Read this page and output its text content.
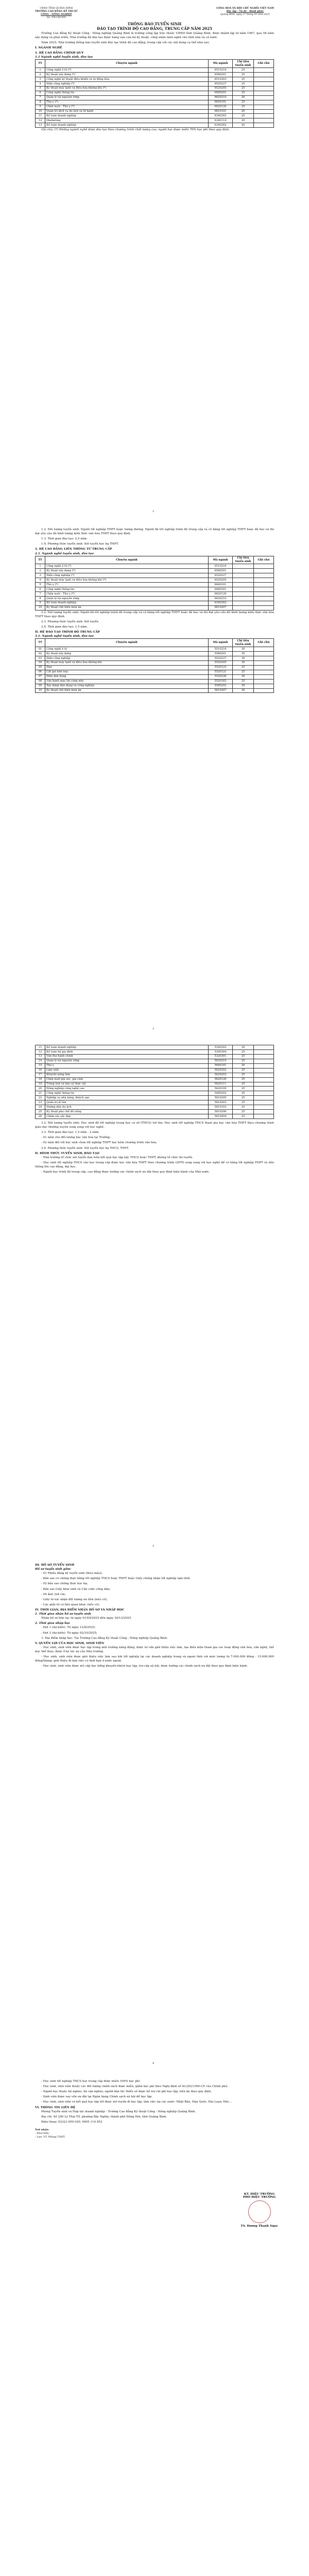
UBND TỈNH QUẢNG BÌNH
TRƯỜNG CAO ĐẲNG KỸ THUẬT
CÔNG - NÔNG NGHIỆP
Số: /TB-CĐCNN
CỘNG HOÀ XÃ HỘI CHỦ NGHĨA VIỆT NAM
Độc lập - Tự do - Hạnh phúc
Quảng Bình, ngày 27 tháng 03 năm 2025
THÔNG BÁO TUYỂN SINH
ĐÀO TẠO TRÌNH ĐỘ CAO ĐẲNG, TRUNG CẤP NĂM 2025

Trường Cao đẳng Kỹ thuật Công - Nông nghiệp Quảng Bình là trường công lập trực thuộc UBND tỉnh Quảng Bình, được thành lập từ năm 1967, qua 58 năm xây dựng và phát triển, Nhà trường đã đào tạo được hàng vạn cán bộ kỹ thuật, công nhân lành nghề cho tỉnh nhà và cả nước.

Năm 2025, Nhà trường thông báo tuyển sinh đào tạo trình độ cao đẳng, trung cấp với các nội dung cụ thể như sau:

I. NGÀNH NGHỀ
1. HỆ CAO ĐẲNG CHÍNH QUY
1.1 Ngành nghề tuyển sinh, đào tạo
TT	Chuyên ngành	Mã ngành	Chỉ tiêu tuyển sinh	Ghi chú
1	Công nghệ ô tô (*)	6510216	25	
2	Kỹ thuật xây dựng (*)	6580201	25	
3	Công nghệ kỹ thuật điều khiển và tự động hóa	6510303	25	
4	Điện công nghiệp (*)	6520227	25	
5	Kỹ thuật máy lạnh và điều hòa không khí (*)	6520205	25	
6	Công nghệ thông tin	6480201	25	
7	Quản lý tài nguyên rừng	6620210	20	
8	Thú y (*)	6640101	25	
9	Chăn nuôi - Thú y (*)	6620120	25	
10	Quản trị dịch vụ du lịch và lữ hành	6810101	20	
11	Kế toán doanh nghiệp	6340302	25	
12	Marketing	6340114	20	
13	Kế toán doanh nghiệp	6340302	20	

Ghi chú: (*) Những ngành nghề được đào tạo theo chương trình chất lượng cao, người học được miễn 70% học phí theo quy định.

1

1.2. Đối tượng tuyển sinh: Người tốt nghiệp THPT hoặc tương đương; Người đã tốt nghiệp trình độ trung cấp và có bằng tốt nghiệp THPT hoặc đã học và thi đạt yêu cầu đủ khối lượng kiến thức văn hóa THPT theo quy định.

1.3. Thời gian đào tạo: 2,5 năm.

1.4. Phương thức tuyển sinh: Xét tuyển học bạ THPT.

2. HỆ CAO ĐẲNG LIÊN THÔNG TỪ TRUNG CẤP
2.1. Ngành nghề tuyển sinh, đào tạo
TT	Chuyên ngành	Mã ngành	Chỉ tiêu tuyển sinh	Ghi chú
1	Công nghệ ô tô (*)	6510216		
2	Kỹ thuật xây dựng (*)	6580201		
3	Điện công nghiệp (*)	6520227		
4	Kỹ thuật máy lạnh và điều hòa không khí (*)	6520205		
5	Thú y (*)	6640101		
6	Công nghệ thông tin	6480201		
7	Chăn nuôi - Thú y (*)	6620120		
8	Quản lý tài nguyên rừng	6620210		
9	Kế toán doanh nghiệp	6340302		
10	Kỹ thuật chế biến món ăn	6810207		

2.2. Đối tượng tuyển sinh: Người đã tốt nghiệp trình độ trung cấp và có bằng tốt nghiệp THPT hoặc đã học và thi đạt yêu cầu đủ khối lượng kiến thức văn hóa THPT theo quy định.

2.3. Phương thức tuyển sinh: Xét tuyển.

2.4. Thời gian đào tạo: 1,5 năm.

II. HỆ ĐÀO TẠO TRÌNH ĐỘ TRUNG CẤP
3.1. Ngành nghề tuyển sinh, đào tạo
TT	Chuyên ngành	Mã ngành	Chỉ tiêu tuyển sinh	Ghi chú
01	Công nghệ ô tô	5510216	30	
02	Kỹ thuật xây dựng	5580201	30	
03	Điện công nghiệp	5520227	30	
04	Kỹ thuật máy lạnh và điều hòa không khí	5520205	30	
05	Hàn	5520123	25	
06	Cắt gọt kim loại	5520121	25	
07	Điện dân dụng	5520226	30	
08	Vận hành máy thi công nền	5520183	25	
09	Xây dựng dân dụng và công nghiệp	5580202	30	
10	Kỹ thuật chế biến món ăn	5810207	30	
2
11	Kế toán doanh nghiệp	5340302	30	
12	Kế toán hộ gia đình	5340304	25	
13	Văn thư hành chính	5320301	25	
14	Quản lý tài nguyên rừng	5620210	25	
15	Thú y	5640101	30	
16	Lâm sinh	5620202	25	
17	Khuyến nông lâm	5620203	25	
18	Chăn nuôi gia súc, gia cầm	5620120	25	
19	Trồng trọt và bảo vệ thực vật	5620111	25	
20	Nông nghiệp công nghệ cao	5620109	25	
21	Công nghệ thông tin	5480202	30	
22	Nghiệp vụ nhà hàng, khách sạn	5810205	25	
23	Quản trị lễ tân	5810203	25	
24	Hướng dẫn du lịch	5810103	25	
25	Kỹ thuật pha chế đồ uống	5810206	25	
26	Chăm sóc sắc đẹp	5810404	25	

3.2. Đối tượng tuyển sinh: Học sinh đã tốt nghiệp trung học cơ sở (THCS) trở lên; Học sinh tốt nghiệp THCS tham gia học văn hóa THPT theo chương trình giáo dục thường xuyên song song với học nghề.

3.3. Thời gian đào tạo: 1,5 năm - 2 năm.

- 01 năm cho đối tượng học văn hoá tại Trường;

- 02 năm đối với học sinh chưa tốt nghiệp THPT học kèm chương trình văn hóa.

3.4. Phương thức tuyển sinh: Xét tuyển học bạ THCS, THPT.

II. HÌNH THỨC TUYỂN SINH, ĐÀO TẠO

- Nhà trường tổ chức xét tuyển dựa trên kết quả học tập bậc THCS hoặc THPT, không tổ chức thi tuyển.

- Học sinh tốt nghiệp THCS vào học trung cấp được học văn hóa THPT theo chương trình GDTX song song với học nghề để có bằng tốt nghiệp THPT và liên thông lên cao đẳng, đại học.

- Người học trình độ trung cấp, cao đẳng được hưởng các chính sách ưu đãi theo quy định hiện hành của Nhà nước.

3
III. HỒ SƠ TUYỂN SINH
Hồ sơ tuyển sinh gồm:

- 01 Phiếu đăng ký tuyển sinh (theo mẫu);

- Bản sao có chứng thực bằng tốt nghiệp THCS hoặc THPT hoặc Giấy chứng nhận tốt nghiệp tạm thời;

- 02 bản sao chứng thực học bạ;

- Bản sao Giấy khai sinh và Căn cước công dân;

- 04 ảnh 3x4 cm;

- Giấy tờ xác nhận đối tượng ưu tiên (nếu có);

- Các giấy tờ có liên quan khác (nếu có).

IV. THỜI GIAN, ĐỊA ĐIỂM NHẬN HỒ SƠ VÀ NHẬP HỌC
1. Thời gian nhận hồ sơ tuyển sinh

Nhận hồ sơ liên tục từ ngày 01/04/2025 đến ngày 30/12/2025.

2. Thời gian nhập học

- Đợt 1 (dự kiến): Từ ngày 12/8/2025;

- Đợt 2 (dự kiến): Từ ngày 02/10/2025;

3. Địa điểm nhập học: Tại Trường Cao đẳng Kỹ thuật Công - Nông nghiệp Quảng Bình.

V. QUYỀN LỢI CỦA HỌC SINH, SINH VIÊN

- Học sinh, sinh viên được học tập trong môi trường năng động, được tư vấn giới thiệu việc làm, tạo điều kiện tham gia các hoạt động văn hóa, văn nghệ, thể dục thể thao, được ở ký túc xá của Nhà trường.

- Học sinh, sinh viên được giới thiệu việc làm sau khi tốt nghiệp tại các doanh nghiệp trong và ngoài tỉnh với mức lương từ 7.000.000 đồng - 15.000.000 đồng/tháng; giới thiệu đi làm việc có thời hạn ở nước ngoài.

- Học sinh, sinh viên được xét cấp học bổng khuyến khích học tập, trợ cấp xã hội, được hưởng các chính sách ưu đãi theo quy định hiện hành.

4

- Học sinh tốt nghiệp THCS học trung cấp được miễn 100% học phí.

- Học sinh, sinh viên thuộc các đối tượng chính sách được miễn, giảm học phí theo Nghị định số 81/2021/NĐ-CP của Chính phủ.

- Người học thuộc hộ nghèo, hộ cận nghèo, người dân tộc thiểu số được hỗ trợ chi phí học tập, tiền ăn theo quy định.

- Sinh viên được vay vốn ưu đãi tại Ngân hàng Chính sách xã hội để học tập.

- Học sinh, sinh viên có kết quả học tập tốt được xét tuyển đi học tập, làm việc tại các nước: Nhật Bản, Hàn Quốc, Đài Loan, Đức...

VI. THÔNG TIN LIÊN HỆ

Phòng Tuyển sinh và Hợp tác doanh nghiệp - Trường Cao đẳng Kỹ thuật Công - Nông nghiệp Quảng Bình.

Địa chỉ: Số 290 Lý Thái Tổ, phường Bắc Nghĩa, thành phố Đồng Hới, tỉnh Quảng Bình.

Điện thoại: 02323 659 020; 0905 114 852

Nơi nhận:
- Như trên;
- Lưu: VT, Phòng TSHT.
KT. HIỆU TRƯỞNG
PHÓ HIỆU TRƯỞNG
TS. Dương Thanh Ngọc
